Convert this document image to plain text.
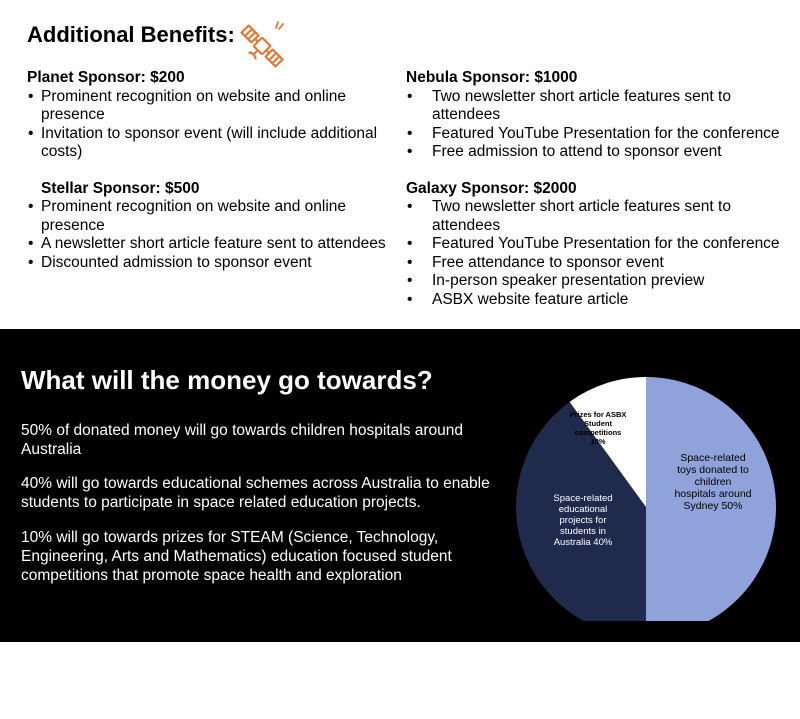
Additional Benefits:
Planet Sponsor: $200
• Prominent recognition on website and online presence
• Invitation to sponsor event (will include additional costs)
Stellar Sponsor: $500
• Prominent recognition on website and online presence
• A newsletter short article feature sent to attendees
• Discounted admission to sponsor event
Nebula Sponsor: $1000
• Two newsletter short article features sent to attendees
• Featured YouTube Presentation for the conference
• Free admission to attend to sponsor event
Galaxy Sponsor: $2000
• Two newsletter short article features sent to attendees
• Featured YouTube Presentation for the conference
• Free attendance to sponsor event
• In-person speaker presentation preview
• ASBX website feature article
What will the money go towards?
50% of donated money will go towards children hospitals around Australia
40% will go towards educational schemes across Australia to enable students to participate in space related education projects.
10% will go towards prizes for STEAM (Science, Technology, Engineering, Arts and Mathematics) education focused student competitions that promote space health and exploration
Space-related toys donated to children hospitals around Sydney 50%
Space-related educational projects for students in Australia 40%
Prizes for ASBX Student competitions 10%
